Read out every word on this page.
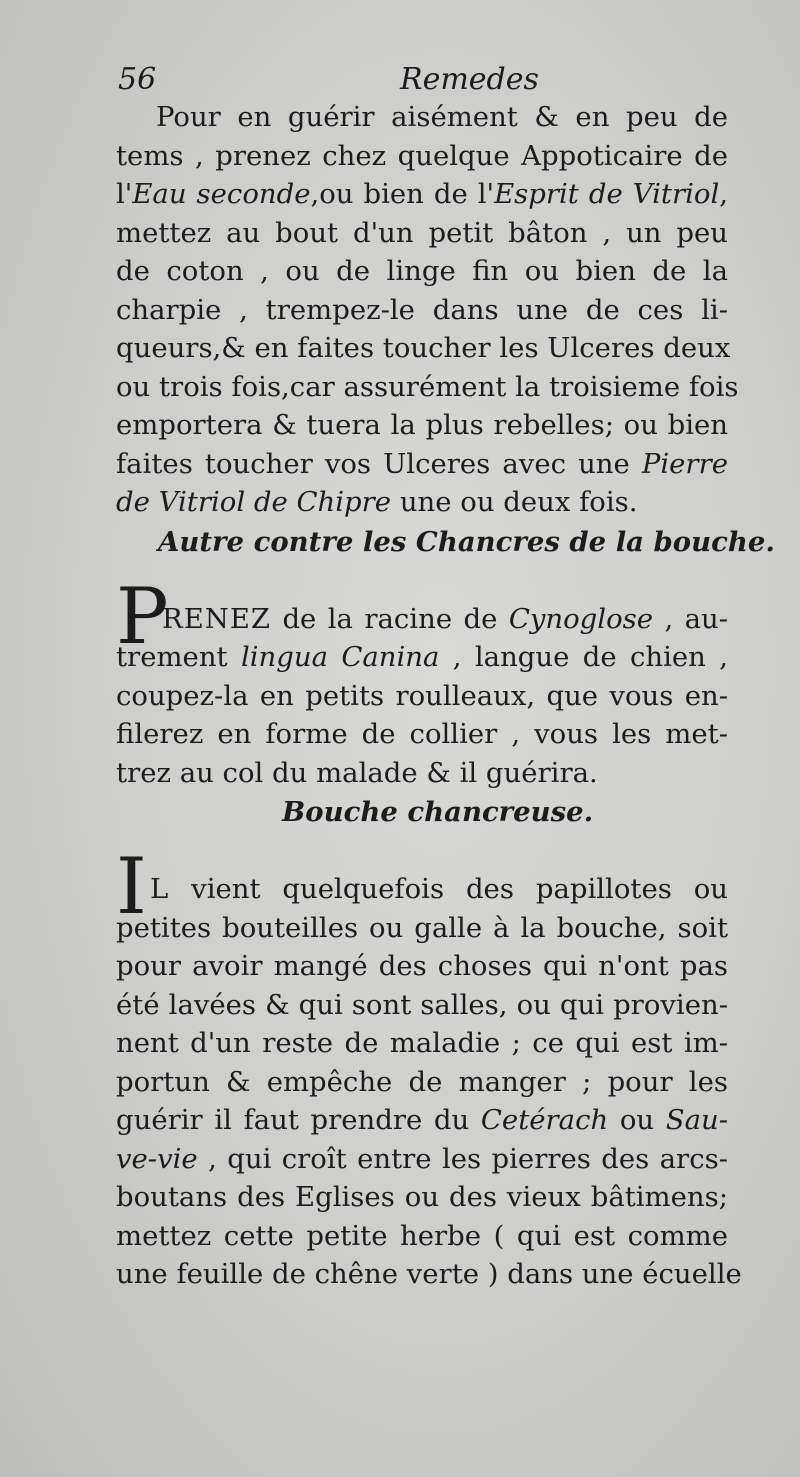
56	Remedes
Pour en guérir aisément & en peu de
tems , prenez chez quelque Appoticaire de
l'Eau seconde,ou bien de l'Esprit de Vitriol,
mettez au bout d'un petit bâton , un peu
de coton , ou de linge fin ou bien de la
charpie , trempez-le dans une de ces li-
queurs,& en faites toucher les Ulceres deux
ou trois fois,car assurément la troisieme fois
emportera & tuera la plus rebelles; ou bien
faites toucher vos Ulceres avec une Pierre
de Vitriol de Chipre une ou deux fois.
Autre contre les Chancres de la bouche.
P
RENEZ de la racine de Cynoglose , au-
trement lingua Canina , langue de chien ,
coupez-la en petits roulleaux, que vous en-
filerez en forme de collier , vous les met-
trez au col du malade & il guérira.
Bouche chancreuse.
I L vient quelquefois des papillotes ou
petites bouteilles ou galle à la bouche, soit
pour avoir mangé des choses qui n'ont pas
été lavées & qui sont salles, ou qui provien-
nent d'un reste de maladie ; ce qui est im-
portun & empêche de manger ; pour les
guérir il faut prendre du Cetérach ou Sau-
ve-vie , qui croît entre les pierres des arcs-
boutans des Eglises ou des vieux bâtimens;
mettez cette petite herbe ( qui est comme
une feuille de chêne verte ) dans une écuelle
